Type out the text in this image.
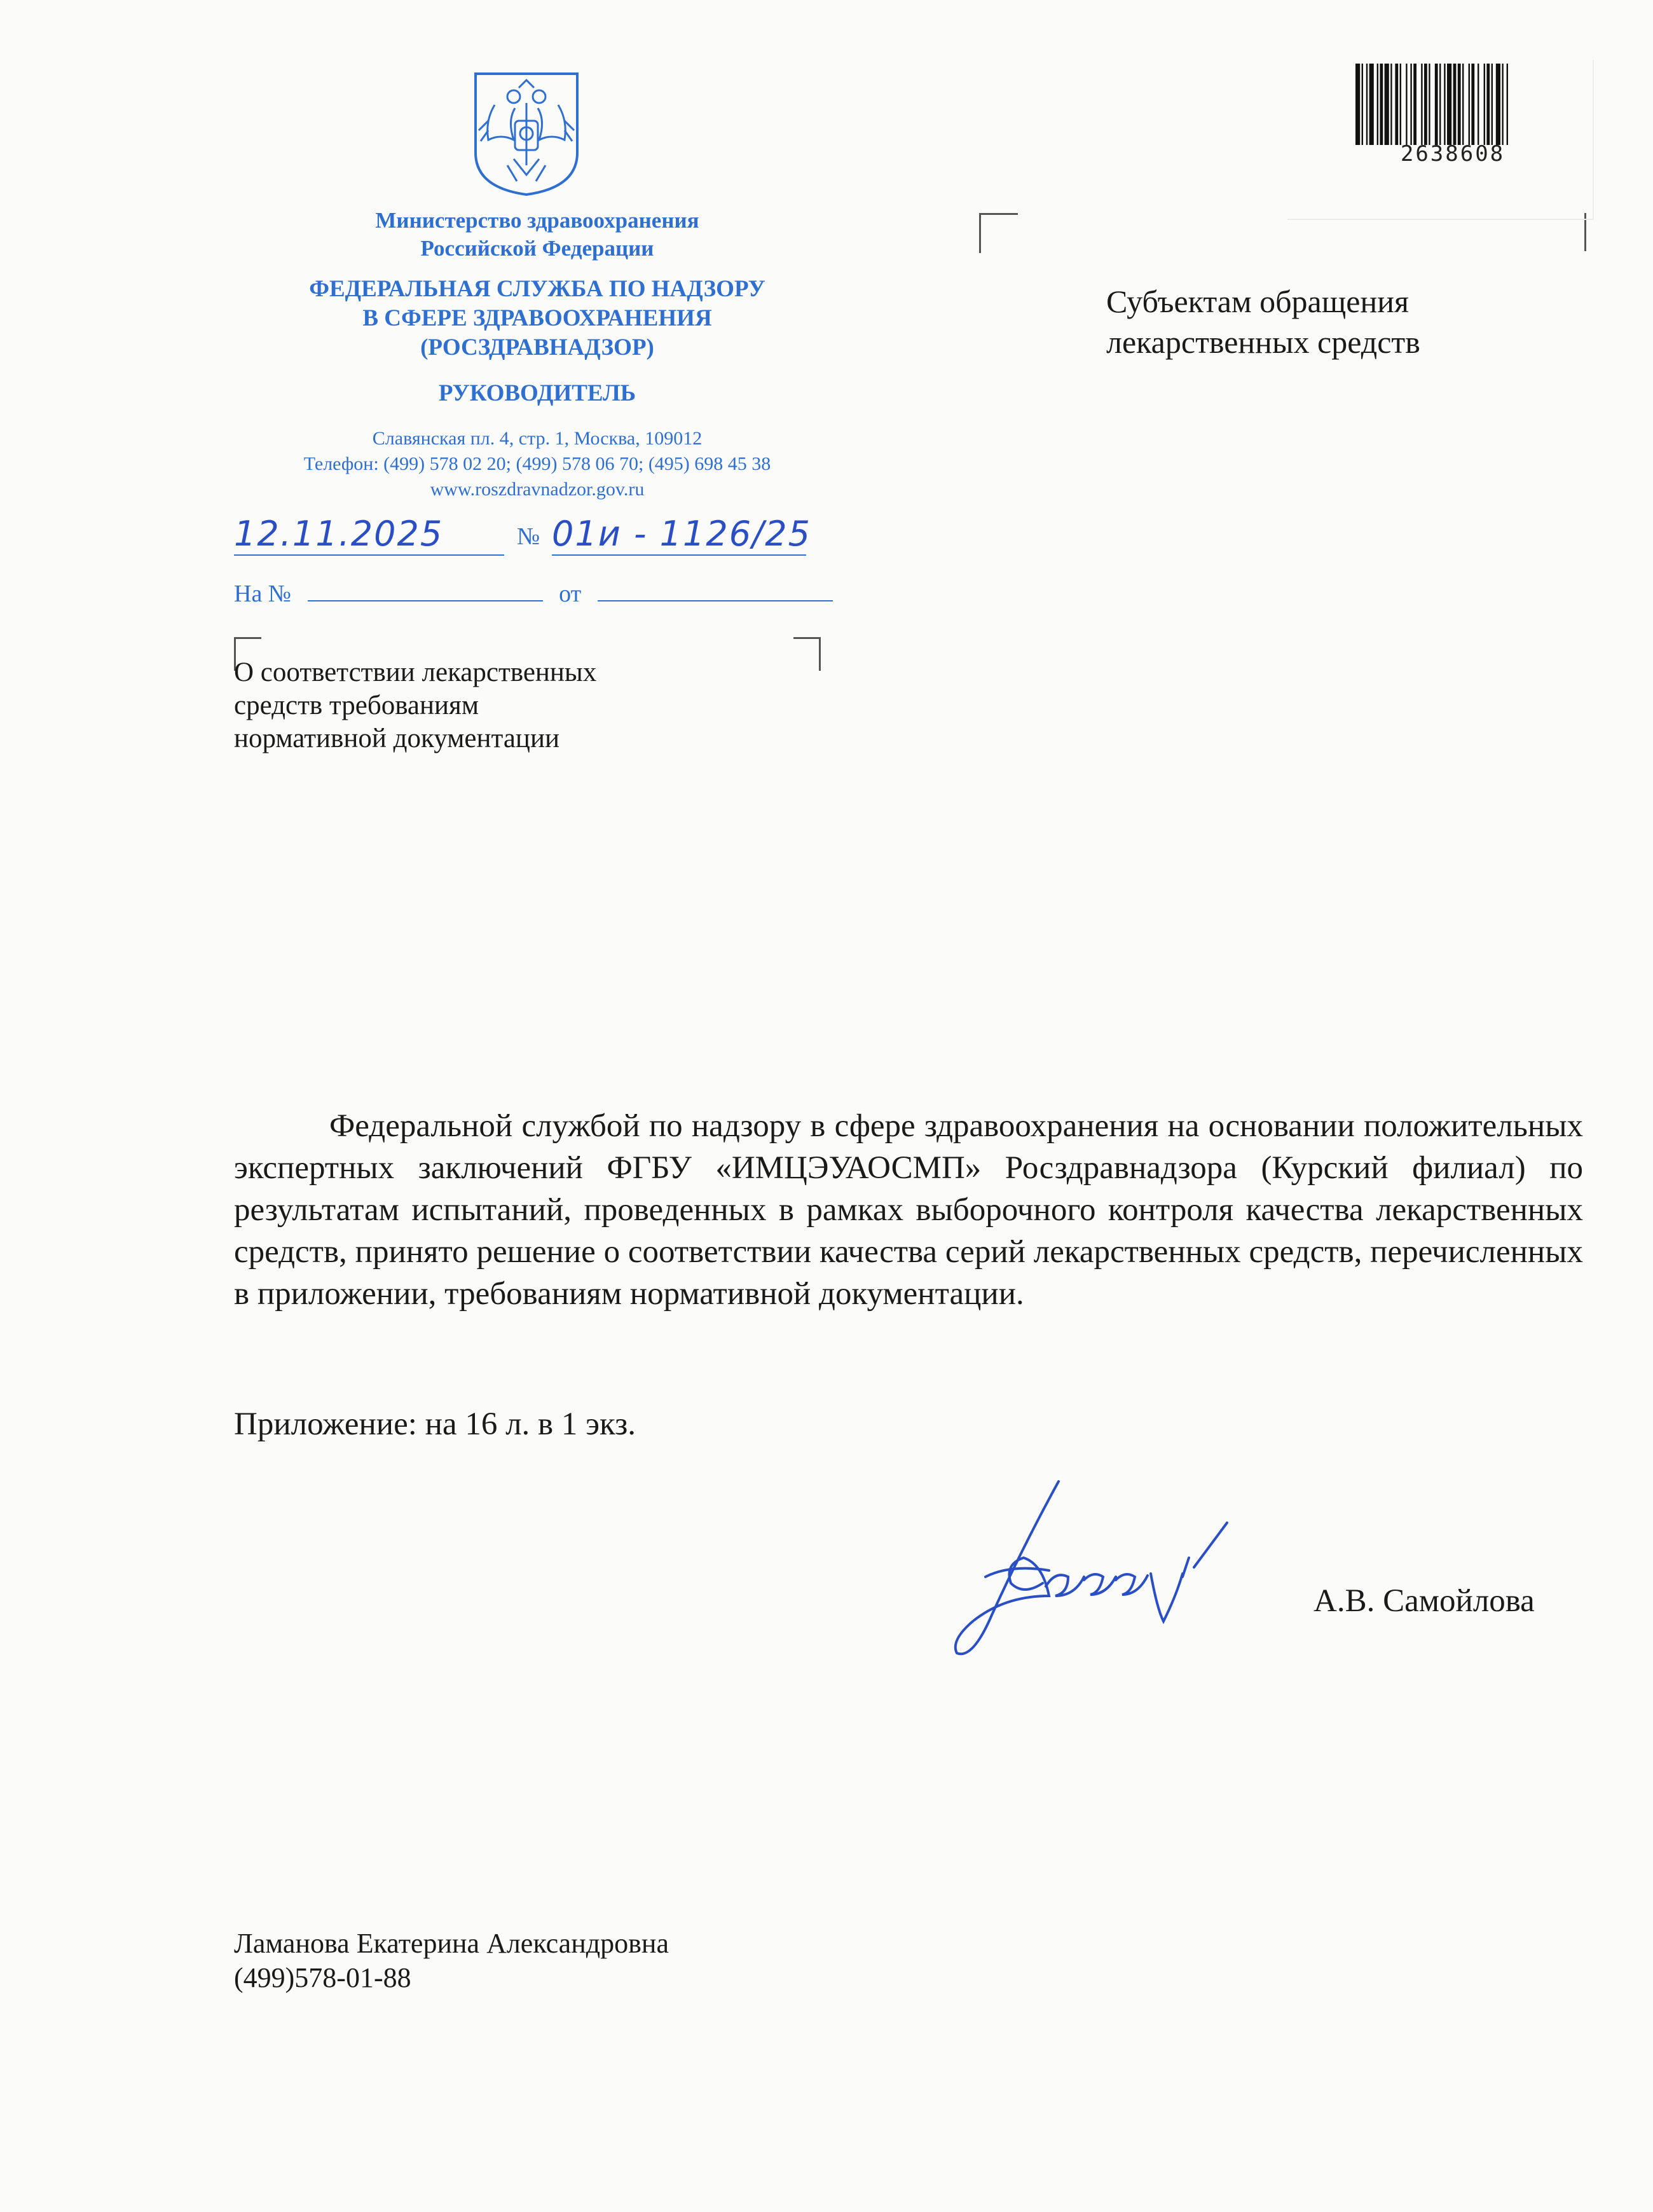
Министерство здравоохранения
Российской Федерации
ФЕДЕРАЛЬНАЯ СЛУЖБА ПО НАДЗОРУ
В СФЕРЕ ЗДРАВООХРАНЕНИЯ
(РОСЗДРАВНАДЗОР)
РУКОВОДИТЕЛЬ
Славянская пл. 4, стр. 1, Москва, 109012
Телефон: (499) 578 02 20; (499) 578 06 70; (495) 698 45 38
www.roszdravnadzor.gov.ru
12.11.2025	№ 01и - 1126/25
На №	от
О соответствии лекарственных
средств требованиям
нормативной документации
Субъектам обращения
лекарственных средств
2638608
Федеральной службой по надзору в сфере здравоохранения на основании положительных экспертных заключений ФГБУ «ИМЦЭУАОСМП» Росздравнадзора (Курский филиал) по результатам испытаний, проведенных в рамках выборочного контроля качества лекарственных средств, принято решение о соответствии качества серий лекарственных средств, перечисленных в приложении, требованиям нормативной документации.
Приложение: на 16 л. в 1 экз.
А.В. Самойлова
Ламанова Екатерина Александровна
(499)578-01-88
